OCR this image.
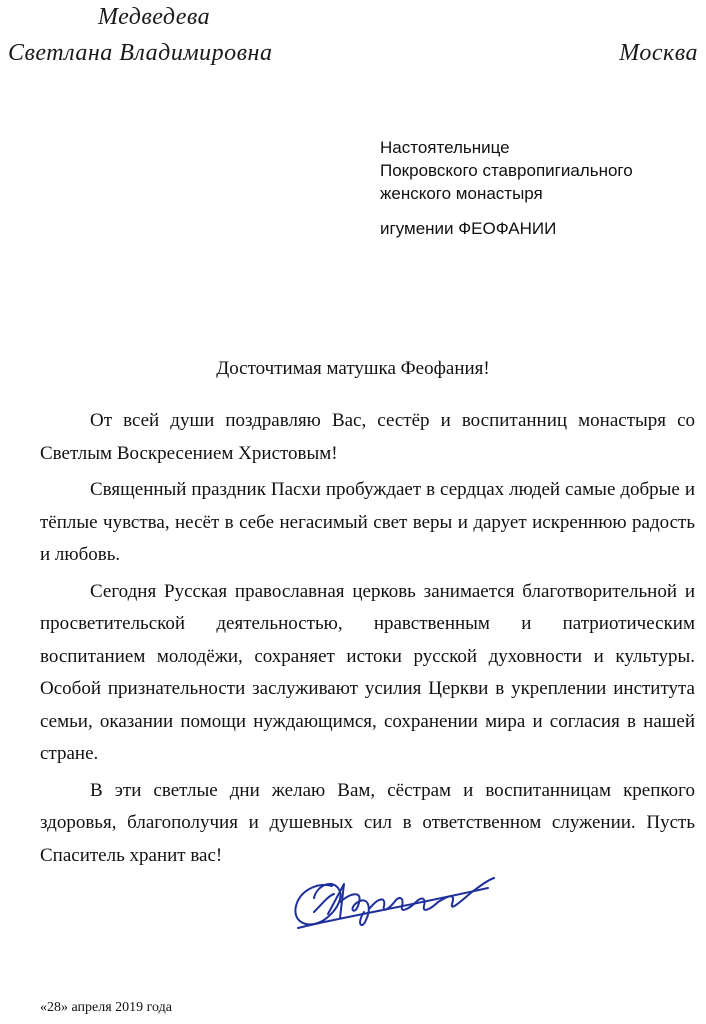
Медведева
Светлана Владимировна	Москва
Настоятельнице
Покровского ставропигиального
женского монастыря
игумении ФЕОФАНИИ
Досточтимая матушка Феофания!

От всей души поздравляю Вас, сестёр и воспитанниц монастыря со Светлым Воскресением Христовым!

Священный праздник Пасхи пробуждает в сердцах людей самые добрые и тёплые чувства, несёт в себе негасимый свет веры и дарует искреннюю радость и любовь.

Сегодня Русская православная церковь занимается благотворительной и просветительской деятельностью, нравственным и патриотическим воспитанием молодёжи, сохраняет истоки русской духовности и культуры. Особой признательности заслуживают усилия Церкви в укреплении института семьи, оказании помощи нуждающимся, сохранении мира и согласия в нашей стране.

В эти светлые дни желаю Вам, сёстрам и воспитанницам крепкого здоровья, благополучия и душевных сил в ответственном служении. Пусть Спаситель хранит вас!

«28» апреля 2019 года
